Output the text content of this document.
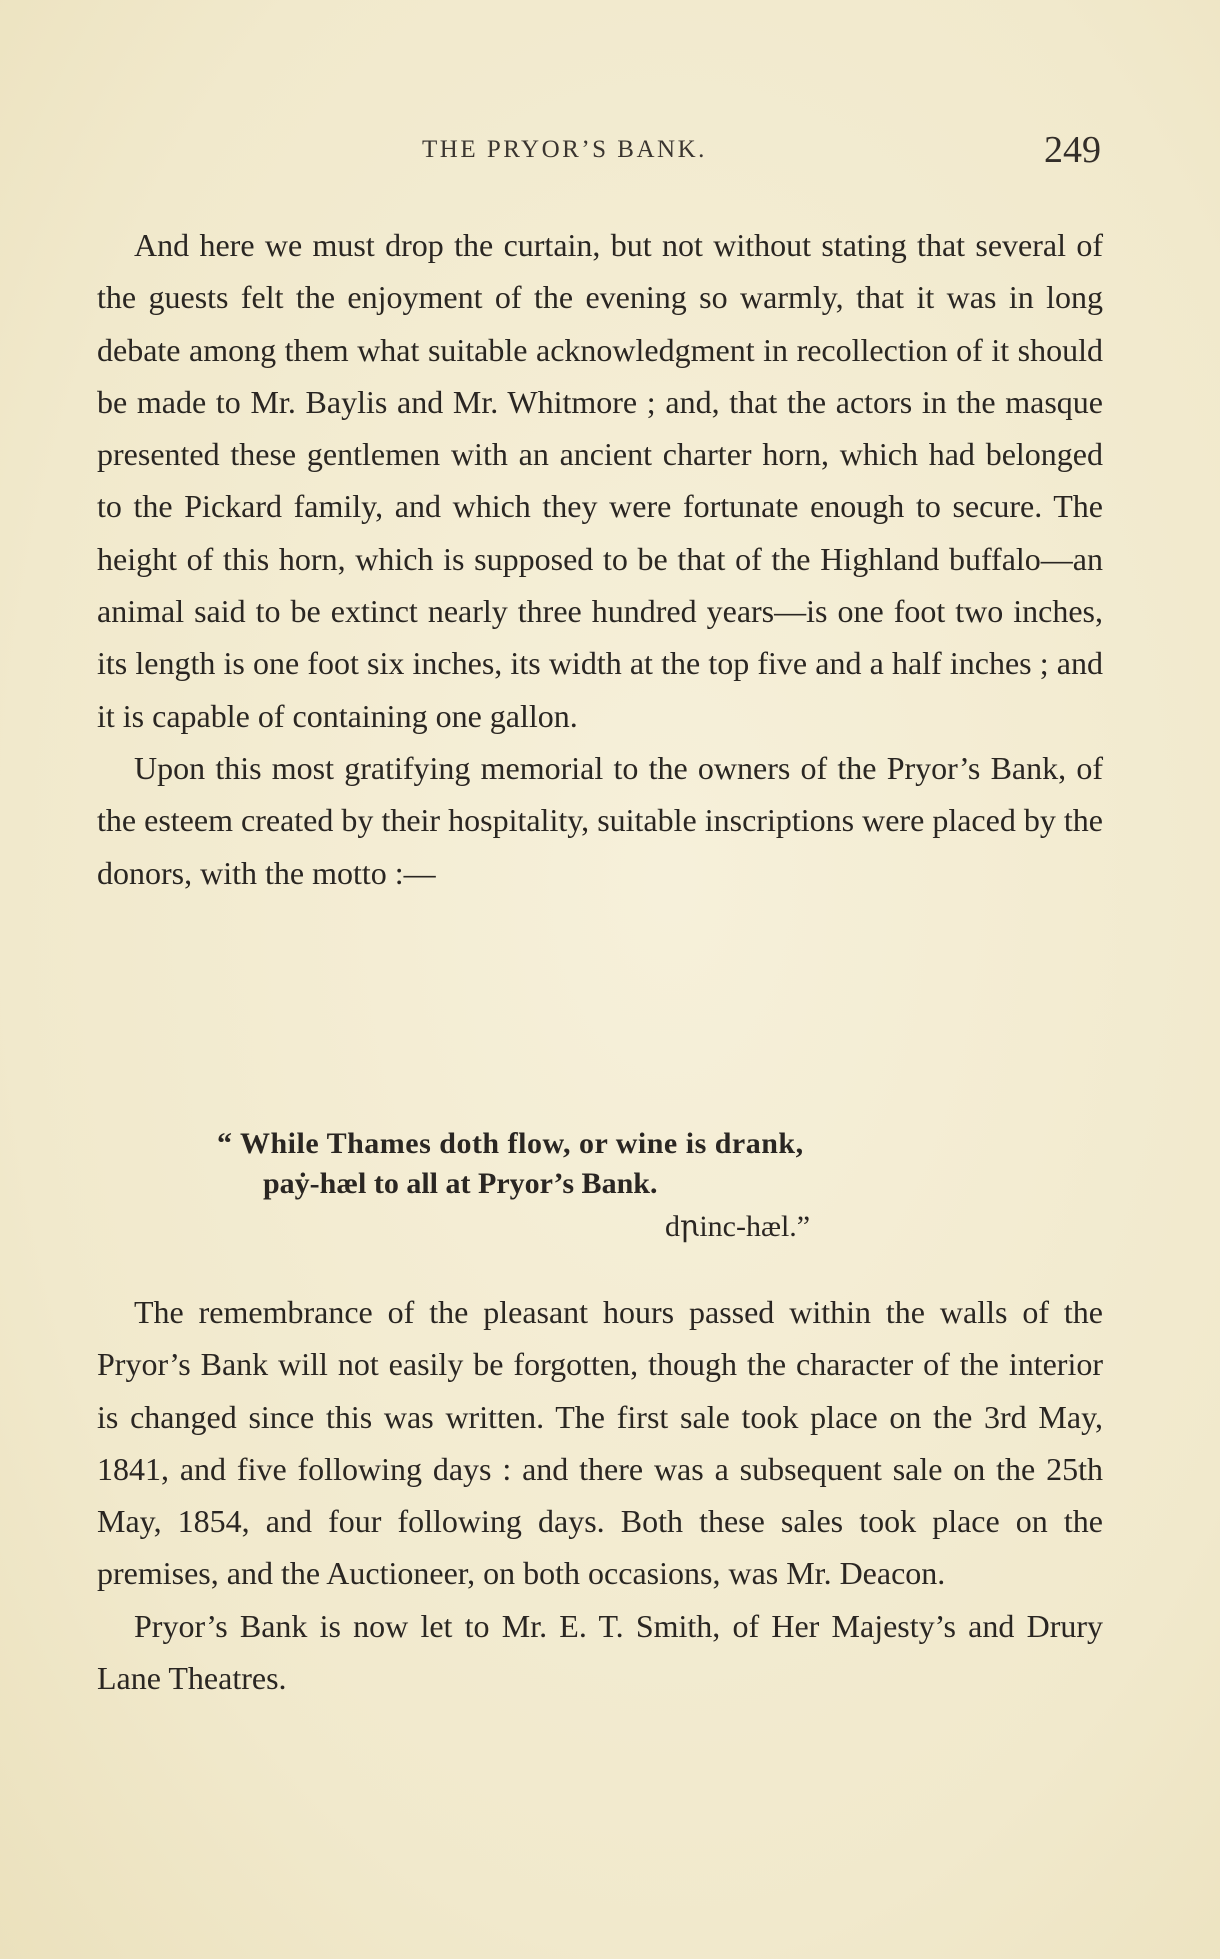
THE PRYOR’S BANK.	249

And here we must drop the curtain, but not without stating that several of the guests felt the enjoyment of the evening so warmly, that it was in long debate among them what suitable acknowledgment in recollection of it should be made to Mr. Baylis and Mr. Whitmore ; and, that the actors in the masque presented these gentlemen with an ancient charter horn, which had belonged to the Pickard family, and which they were fortunate enough to secure. The height of this horn, which is supposed to be that of the Highland buffalo—an animal said to be extinct nearly three hundred years—is one foot two inches, its length is one foot six inches, its width at the top five and a half inches ; and it is capable of containing one gallon.

Upon this most gratifying memorial to the owners of the Pryor’s Bank, of the esteem created by their hospitality, suitable inscriptions were placed by the donors, with the motto :—

“ While Thames doth flow, or wine is drank,
paẏ-hæl to all at Pryor’s Bank.
dꞃinc-hæl.”

The remembrance of the pleasant hours passed within the walls of the Pryor’s Bank will not easily be forgotten, though the character of the interior is changed since this was written. The first sale took place on the 3rd May, 1841, and five following days : and there was a subsequent sale on the 25th May, 1854, and four following days. Both these sales took place on the premises, and the Auctioneer, on both occasions, was Mr. Deacon.

Pryor’s Bank is now let to Mr. E. T. Smith, of Her Majesty’s and Drury Lane Theatres.
